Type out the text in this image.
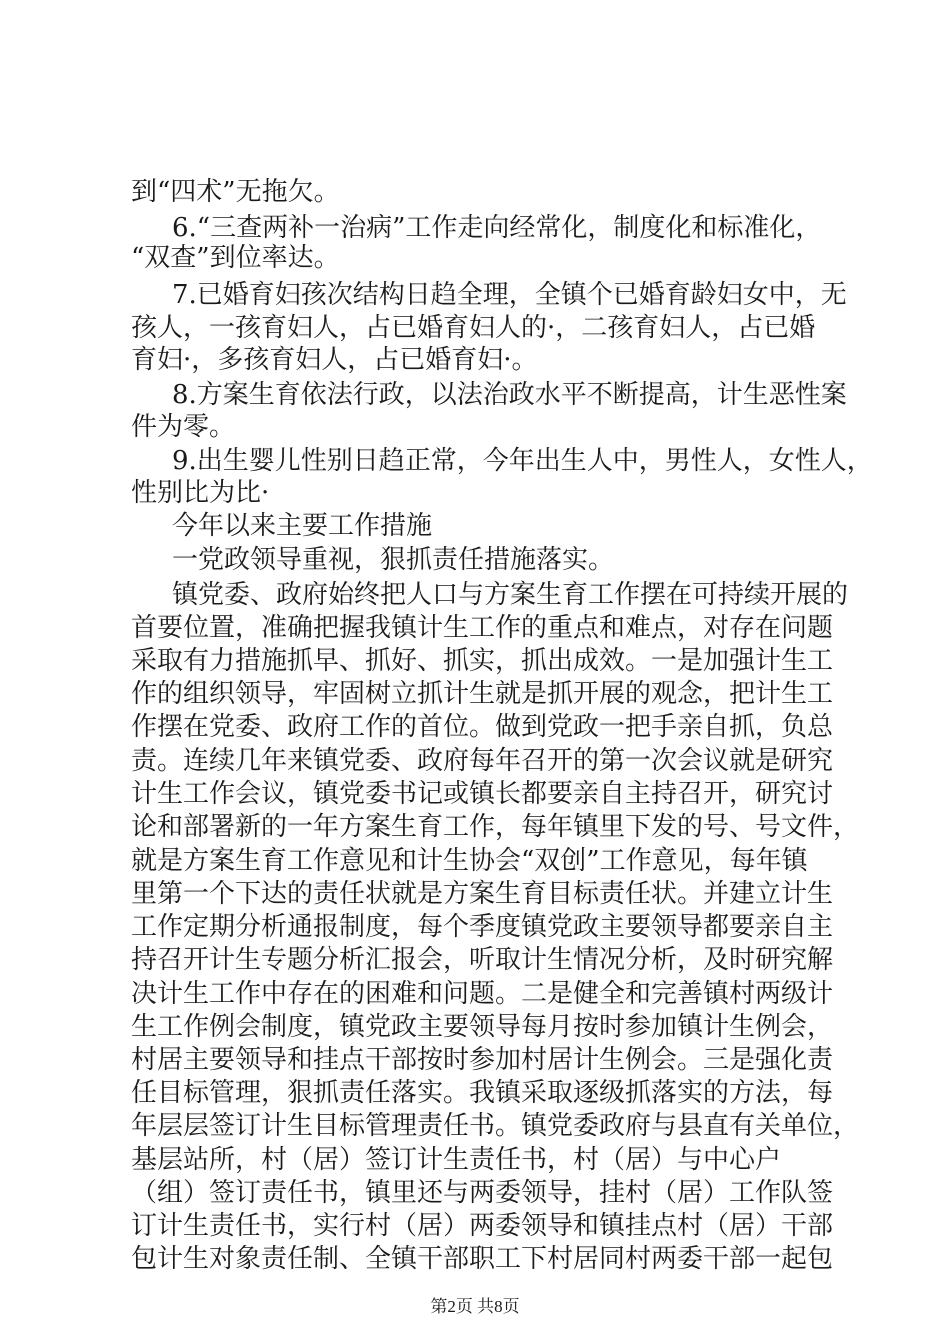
到“四术”无拖欠。
6.“三查两补一治病”工作走向经常化，制度化和标准化，
“双查”到位率达。
7.已婚育妇孩次结构日趋全理，全镇个已婚育龄妇女中，无
孩人，一孩育妇人，占已婚育妇人的·，二孩育妇人，占已婚
育妇·，多孩育妇人，占已婚育妇·。
8.方案生育依法行政，以法治政水平不断提高，计生恶性案
件为零。
9.出生婴儿性别日趋正常，今年出生人中，男性人，女性人，
性别比为比·
今年以来主要工作措施
一党政领导重视，狠抓责任措施落实。
镇党委、政府始终把人口与方案生育工作摆在可持续开展的
首要位置，准确把握我镇计生工作的重点和难点，对存在问题
采取有力措施抓早、抓好、抓实，抓出成效。一是加强计生工
作的组织领导，牢固树立抓计生就是抓开展的观念，把计生工
作摆在党委、政府工作的首位。做到党政一把手亲自抓，负总
责。连续几年来镇党委、政府每年召开的第一次会议就是研究
计生工作会议，镇党委书记或镇长都要亲自主持召开，研究讨
论和部署新的一年方案生育工作，每年镇里下发的号、号文件，
就是方案生育工作意见和计生协会“双创”工作意见，每年镇
里第一个下达的责任状就是方案生育目标责任状。并建立计生
工作定期分析通报制度，每个季度镇党政主要领导都要亲自主
持召开计生专题分析汇报会，听取计生情况分析，及时研究解
决计生工作中存在的困难和问题。二是健全和完善镇村两级计
生工作例会制度，镇党政主要领导每月按时参加镇计生例会，
村居主要领导和挂点干部按时参加村居计生例会。三是强化责
任目标管理，狠抓责任落实。我镇采取逐级抓落实的方法，每
年层层签订计生目标管理责任书。镇党委政府与县直有关单位，
基层站所，村（居）签订计生责任书，村（居）与中心户
（组）签订责任书，镇里还与两委领导，挂村（居）工作队签
订计生责任书，实行村（居）两委领导和镇挂点村（居）干部
包计生对象责任制、全镇干部职工下村居同村两委干部一起包
第2页 共8页
